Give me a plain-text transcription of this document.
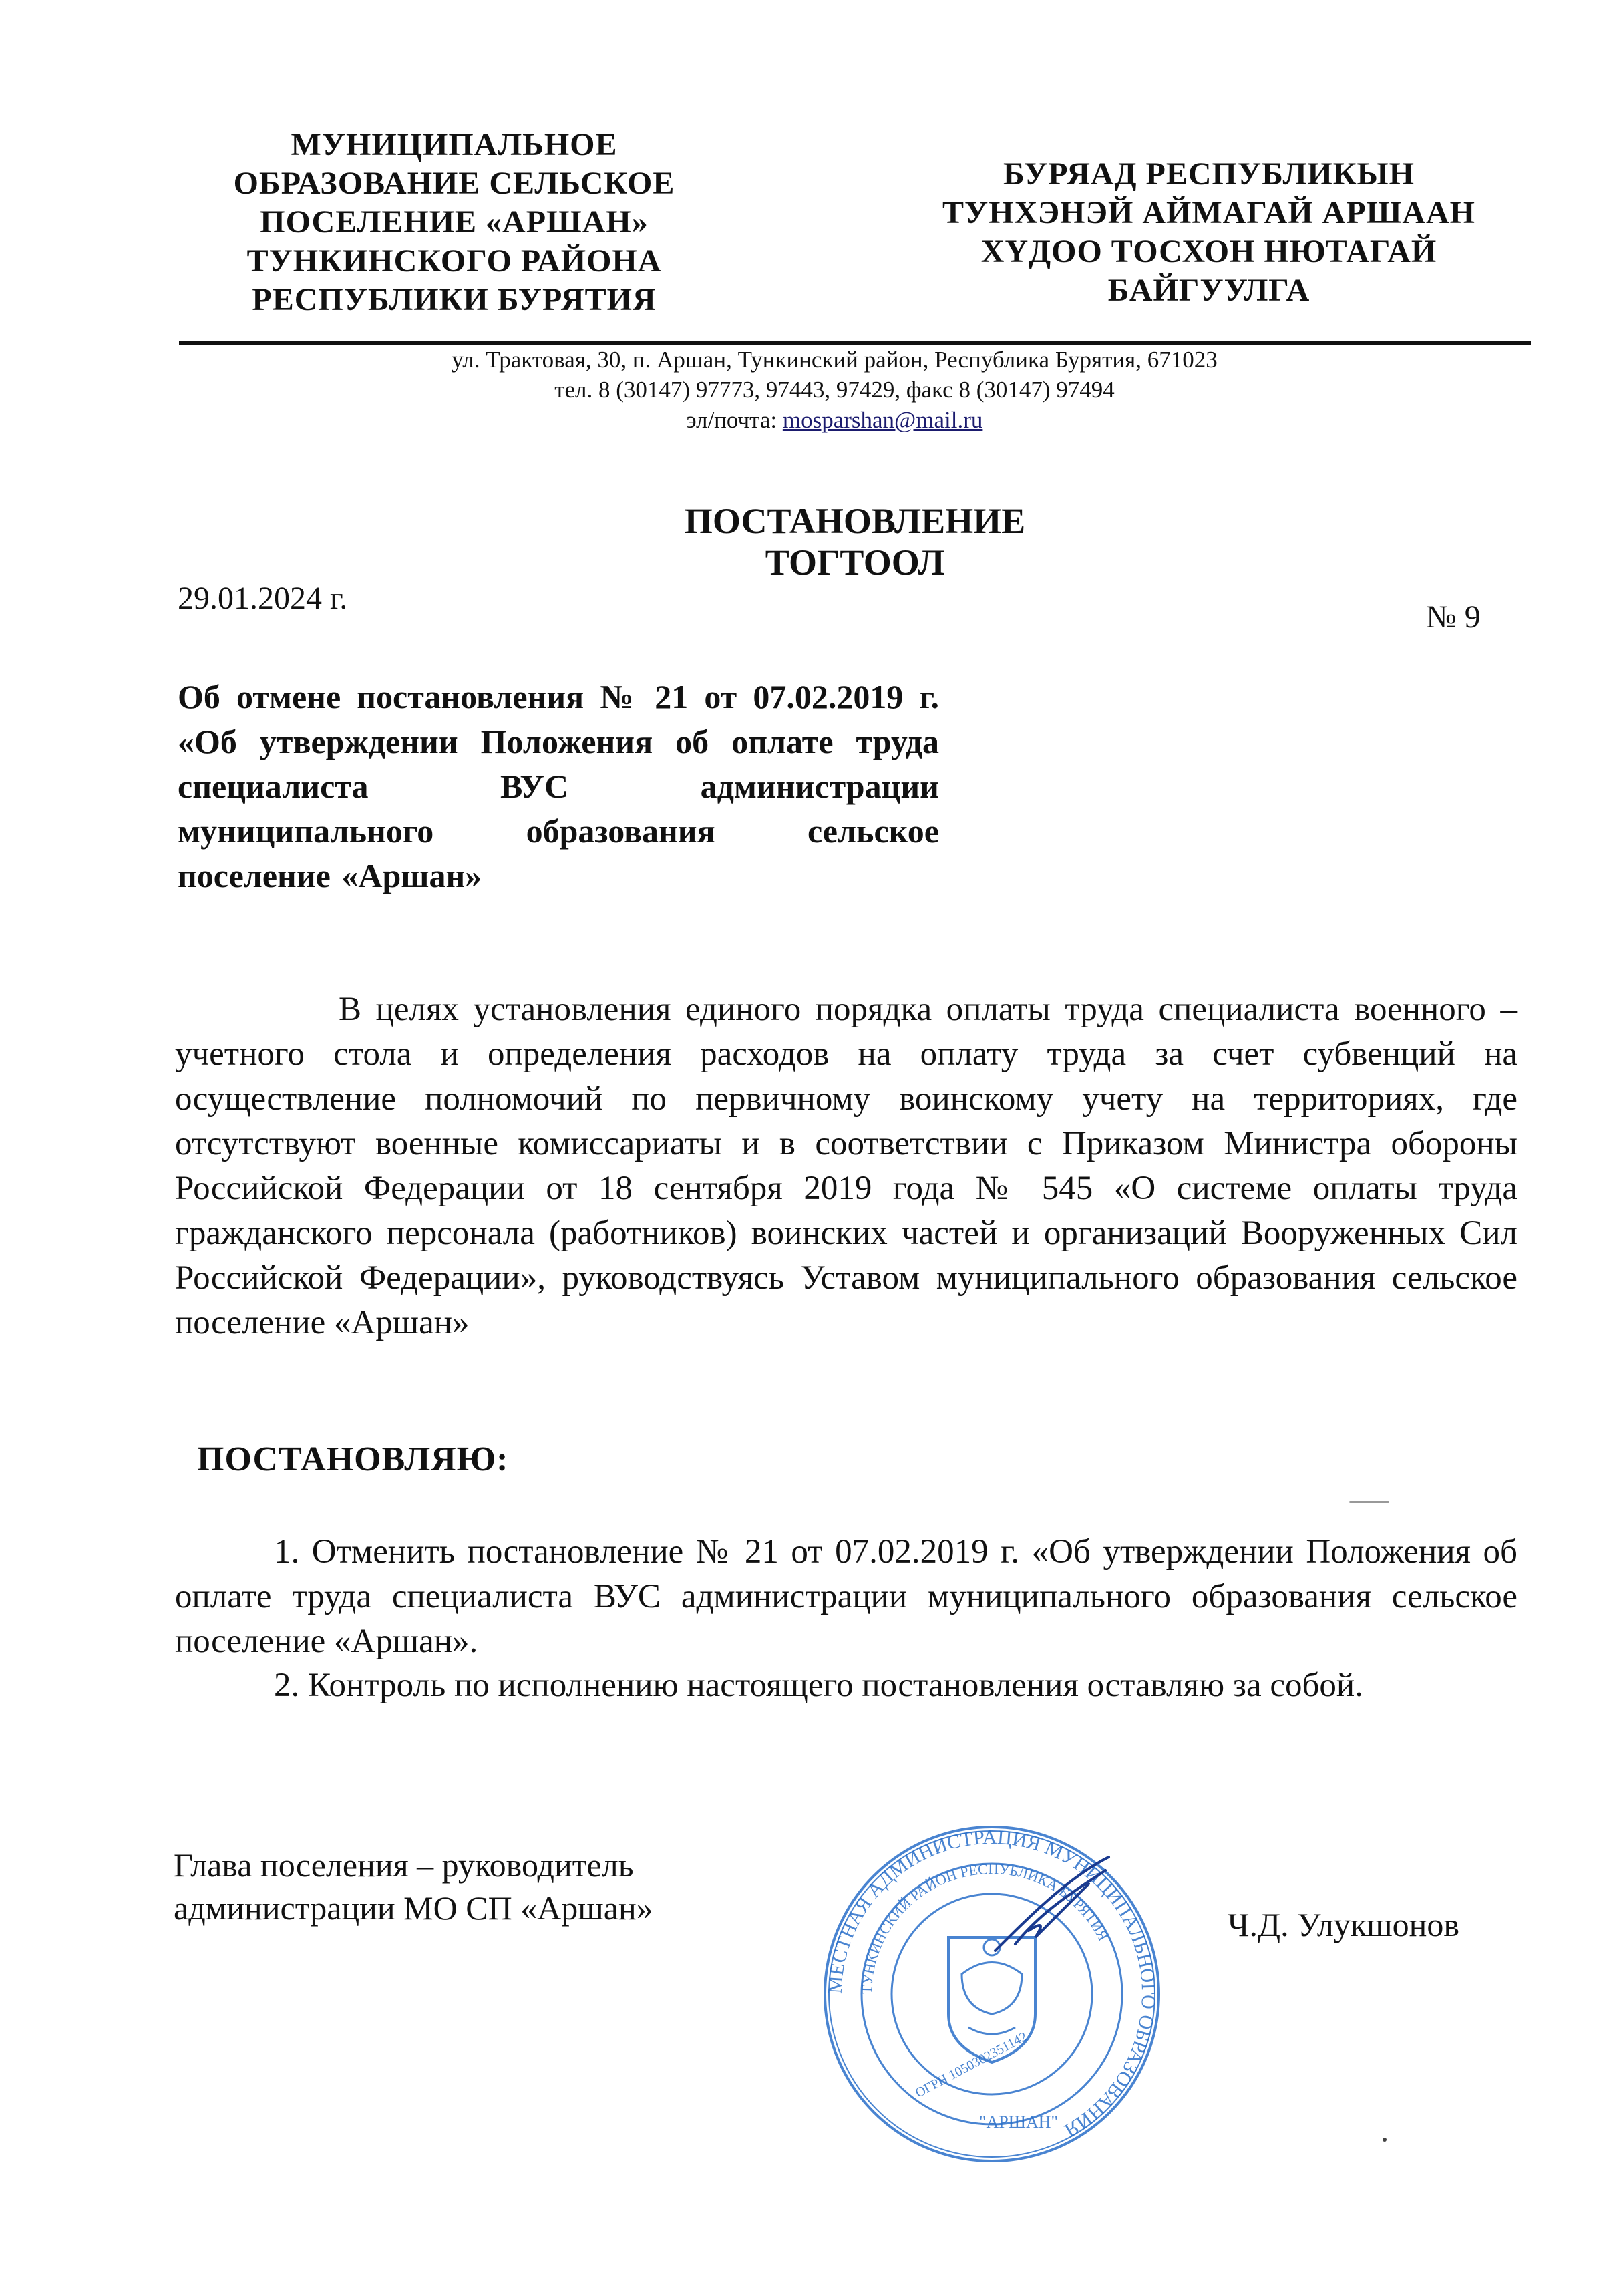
МУНИЦИПАЛЬНОЕ
ОБРАЗОВАНИЕ СЕЛЬСКОЕ
ПОСЕЛЕНИЕ «АРШАН»
ТУНКИНСКОГО РАЙОНА
РЕСПУБЛИКИ БУРЯТИЯ
БУРЯАД РЕСПУБЛИКЫН
ТУНХЭНЭЙ АЙМАГАЙ АРШААН
ХҮДОО ТОСХОН НЮТАГАЙ
БАЙГУУЛГА
ул. Трактовая, 30, п. Аршан, Тункинский район, Республика Бурятия, 671023
тел. 8 (30147) 97773, 97443, 97429, факс 8 (30147) 97494
эл/почта: mosparshan@mail.ru
ПОСТАНОВЛЕНИЕ
ТОГТООЛ
29.01.2024 г.
№ 9
Об отмене постановления № 21 от 07.02.2019 г. «Об утверждении Положения об оплате труда специалиста ВУС администрации муниципального образования сельское поселение «Аршан»
В целях установления единого порядка оплаты труда специалиста военного – учетного стола и определения расходов на оплату труда за счет субвенций на осуществление полномочий по первичному воинскому учету на территориях, где отсутствуют военные комиссариаты и в соответствии с Приказом Министра обороны Российской Федерации от 18 сентября 2019 года № 545 «О системе оплаты труда гражданского персонала (работников) воинских частей и организаций Вооруженных Сил Российской Федерации», руководствуясь Уставом муниципального образования сельское поселение «Аршан»
ПОСТАНОВЛЯЮ:
1. Отменить постановление № 21 от 07.02.2019 г. «Об утверждении Положения об оплате труда специалиста ВУС администрации муниципального образования сельское поселение «Аршан».
2. Контроль по исполнению настоящего постановления оставляю за собой.
Глава поселения – руководитель
администрации МО СП «Аршан»	Ч.Д. Улукшонов
МЕСТНАЯ АДМИНИСТРАЦИЯ МУНИЦИПАЛЬНОГО ОБРАЗОВАНИЯ
ТУНКИНСКИЙ РАЙОН РЕСПУБЛИКА БУРЯТИЯ
"АРШАН"
ОГРН 1050302351142
